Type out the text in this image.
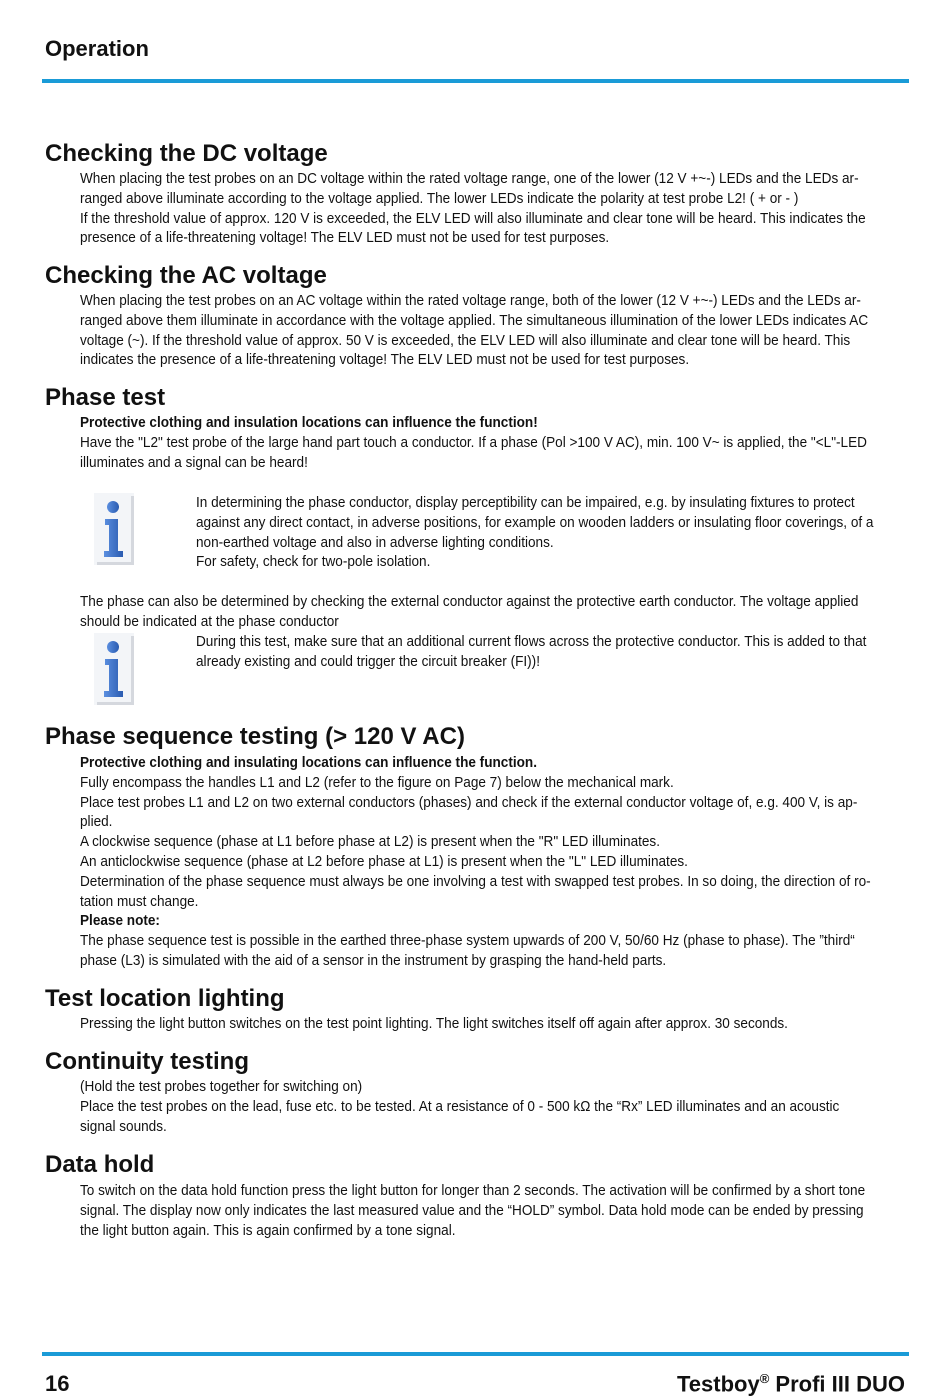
Operation
Checking the DC voltage
When placing the test probes on an DC voltage within the rated voltage range, one of the lower (12 V +~-) LEDs and the LEDs ar-
ranged above illuminate according to the voltage applied. The lower LEDs indicate the polarity at test probe L2! ( + or - )
If the threshold value of approx. 120 V is exceeded, the ELV LED will also illuminate and clear tone will be heard. This indicates the
presence of a life-threatening voltage! The ELV LED must not be used for test purposes.
Checking the AC voltage
When placing the test probes on an AC voltage within the rated voltage range, both of the lower (12 V +~-) LEDs and the LEDs ar-
ranged above them illuminate in accordance with the voltage applied. The simultaneous illumination of the lower LEDs indicates AC
voltage (~). If the threshold value of approx. 50 V is exceeded, the ELV LED will also illuminate and clear tone will be heard. This
indicates the presence of a life-threatening voltage! The ELV LED must not be used for test purposes.
Phase test
Protective clothing and insulation locations can influence the function!
Have the "L2" test probe of the large hand part touch a conductor. If a phase (Pol >100 V AC), min. 100 V~ is applied, the "<L"-LED
illuminates and a signal can be heard!
In determining the phase conductor, display perceptibility can be impaired, e.g. by insulating fixtures to protect
against any direct contact, in adverse positions, for example on wooden ladders or insulating floor coverings, of a
non-earthed voltage and also in adverse lighting conditions.
For safety, check for two-pole isolation.
The phase can also be determined by checking the external conductor against the protective earth conductor. The voltage applied
should be indicated at the phase conductor
During this test, make sure that an additional current flows across the protective conductor. This is added to that
already existing and could trigger the circuit breaker (FI))!
Phase sequence testing (> 120 V AC)
Protective clothing and insulating locations can influence the function.
Fully encompass the handles L1 and L2 (refer to the figure on Page 7) below the mechanical mark.
Place test probes L1 and L2 on two external conductors (phases) and check if the external conductor voltage of, e.g. 400 V, is ap-
plied.
A clockwise sequence (phase at L1 before phase at L2) is present when the "R" LED illuminates.
An anticlockwise sequence (phase at L2 before phase at L1) is present when the "L" LED illuminates.
Determination of the phase sequence must always be one involving a test with swapped test probes. In so doing, the direction of ro-
tation must change.
Please note:
The phase sequence test is possible in the earthed three-phase system upwards of 200 V, 50/60 Hz (phase to phase). The ”third“
phase (L3) is simulated with the aid of a sensor in the instrument by grasping the hand-held parts.
Test location lighting
Pressing the light button switches on the test point lighting. The light switches itself off again after approx. 30 seconds.
Continuity testing
(Hold the test probes together for switching on)
Place the test probes on the lead, fuse etc. to be tested. At a resistance of 0 - 500 kΩ the “Rx” LED illuminates and an acoustic
signal sounds.
Data hold
To switch on the data hold function press the light button for longer than 2 seconds. The activation will be confirmed by a short tone
signal. The display now only indicates the last measured value and the “HOLD” symbol. Data hold mode can be ended by pressing
the light button again. This is again confirmed by a tone signal.
16	Testboy® Profi III DUO
